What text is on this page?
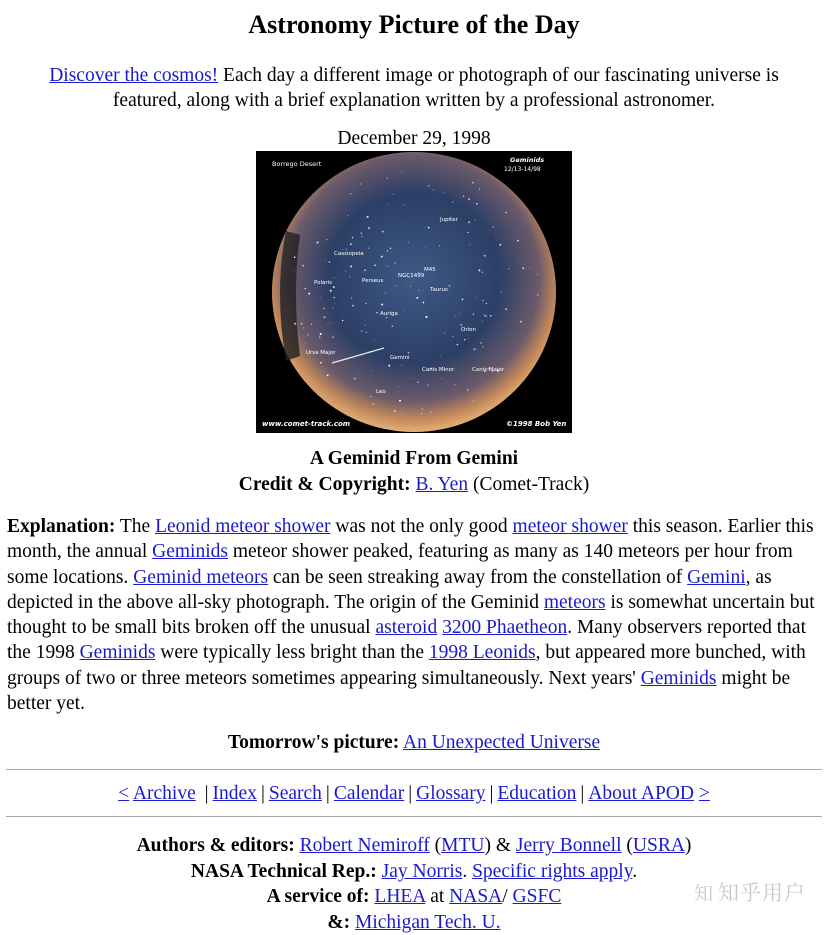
Astronomy Picture of the Day
Discover the cosmos! Each day a different image or photograph of our fascinating universe is featured, along with a brief explanation written by a professional astronomer.
December 29, 1998
Borrego Desert	Geminids
12/13-14/98
www.comet-track.com	©1998 Bob Yen
Jupiter
Cassiopeia
Perseus
NGC1499
M45
Polaris
Taurus
Auriga
Orion
Ursa Major
Gemini
Canis Minor	Canis Major
Leo
A Geminid From Gemini
Credit & Copyright: B. Yen (Comet-Track)
Explanation: The Leonid meteor shower was not the only good meteor shower this season. Earlier this month, the annual Geminids meteor shower peaked, featuring as many as 140 meteors per hour from some locations. Geminid meteors can be seen streaking away from the constellation of Gemini, as depicted in the above all-sky photograph. The origin of the Geminid meteors is somewhat uncertain but thought to be small bits broken off the unusual asteroid 3200 Phaetheon. Many observers reported that the 1998 Geminids were typically less bright than the 1998 Leonids, but appeared more bunched, with groups of two or three meteors sometimes appearing simultaneously. Next years' Geminids might be better yet.
Tomorrow's picture: An Unexpected Universe
< Archive | Index | Search | Calendar | Glossary | Education | About APOD >
Authors & editors: Robert Nemiroff (MTU) & Jerry Bonnell (USRA)
NASA Technical Rep.: Jay Norris. Specific rights apply.
A service of: LHEA at NASA/ GSFC
&: Michigan Tech. U.
知 知乎用户
